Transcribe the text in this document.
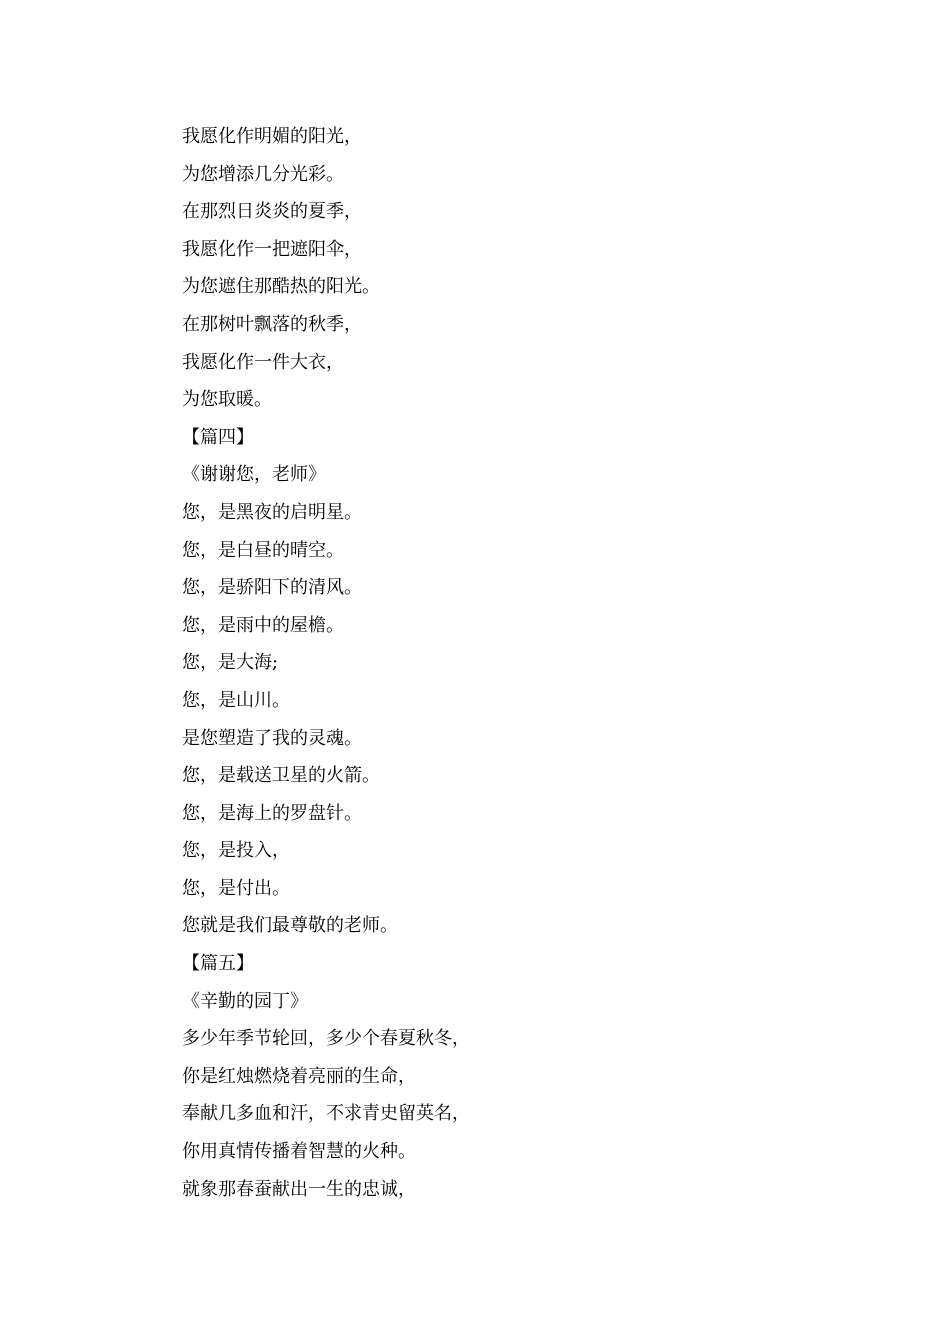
我愿化作明媚的阳光，
为您增添几分光彩。
在那烈日炎炎的夏季，
我愿化作一把遮阳伞，
为您遮住那酷热的阳光。
在那树叶飘落的秋季，
我愿化作一件大衣，
为您取暖。
【篇四】
《谢谢您，老师》
您，是黑夜的启明星。
您，是白昼的晴空。
您，是骄阳下的清风。
您，是雨中的屋檐。
您，是大海;
您，是山川。
是您塑造了我的灵魂。
您，是载送卫星的火箭。
您，是海上的罗盘针。
您，是投入，
您，是付出。
您就是我们最尊敬的老师。
【篇五】
《辛勤的园丁》
多少年季节轮回，多少个春夏秋冬，
你是红烛燃烧着亮丽的生命，
奉献几多血和汗，不求青史留英名，
你用真情传播着智慧的火种。
就象那春蚕献出一生的忠诚，
